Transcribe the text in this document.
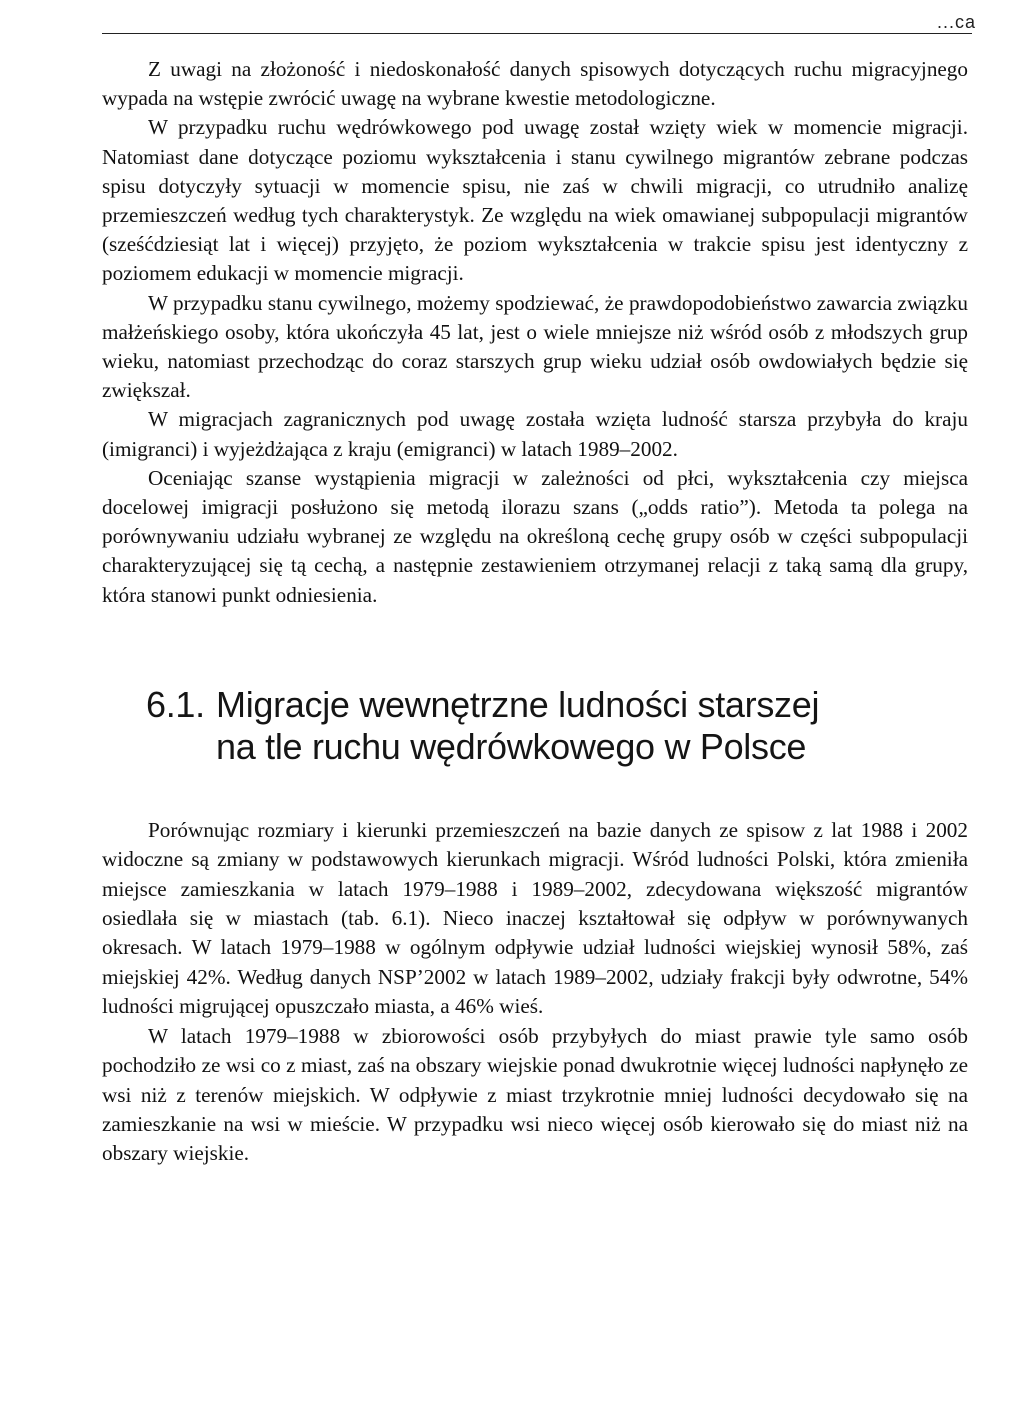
...ca

Z uwagi na złożoność i niedoskonałość danych spisowych dotyczących ruchu migracyjnego wypada na wstępie zwrócić uwagę na wybrane kwestie metodologiczne.

W przypadku ruchu wędrówkowego pod uwagę został wzięty wiek w momencie migracji. Natomiast dane dotyczące poziomu wykształcenia i stanu cywilnego migrantów zebrane podczas spisu dotyczyły sytuacji w momencie spisu, nie zaś w chwili migracji, co utrudniło analizę przemieszczeń według tych charakterystyk. Ze względu na wiek omawianej subpopulacji migrantów (sześćdziesiąt lat i więcej) przyjęto, że poziom wykształcenia w trakcie spisu jest identyczny z poziomem edukacji w momencie migracji.

W przypadku stanu cywilnego, możemy spodziewać, że prawdopodobieństwo zawarcia związku małżeńskiego osoby, która ukończyła 45 lat, jest o wiele mniejsze niż wśród osób z młodszych grup wieku, natomiast przechodząc do coraz starszych grup wieku udział osób owdowiałych będzie się zwiększał.

W migracjach zagranicznych pod uwagę została wzięta ludność starsza przybyła do kraju (imigranci) i wyjeżdżająca z kraju (emigranci) w latach 1989–2002.

Oceniając szanse wystąpienia migracji w zależności od płci, wykształcenia czy miejsca docelowej imigracji posłużono się metodą ilorazu szans („odds ratio”). Metoda ta polega na porównywaniu udziału wybranej ze względu na określoną cechę grupy osób w części subpopulacji charakteryzującej się tą cechą, a następnie zestawieniem otrzymanej relacji z taką samą dla grupy, która stanowi punkt odniesienia.

6.1. Migracje wewnętrzne ludności starszej
na tle ruchu wędrówkowego w Polsce

Porównując rozmiary i kierunki przemieszczeń na bazie danych ze spisow z lat 1988 i 2002 widoczne są zmiany w podstawowych kierunkach migracji. Wśród ludności Polski, która zmieniła miejsce zamieszkania w latach 1979–1988 i 1989–2002, zdecydowana większość migrantów osiedlała się w miastach (tab. 6.1). Nieco inaczej kształtował się odpływ w porównywanych okresach. W latach 1979–1988 w ogólnym odpływie udział ludności wiejskiej wynosił 58%, zaś miejskiej 42%. Według danych NSP’2002 w latach 1989–2002, udziały frakcji były odwrotne, 54% ludności migrującej opuszczało miasta, a 46% wieś.

W latach 1979–1988 w zbiorowości osób przybyłych do miast prawie tyle samo osób pochodziło ze wsi co z miast, zaś na obszary wiejskie ponad dwukrotnie więcej ludności napłynęło ze wsi niż z terenów miejskich. W odpływie z miast trzykrotnie mniej ludności decydowało się na zamieszkanie na wsi w mieście. W przypadku wsi nieco więcej osób kierowało się do miast niż na obszary wiejskie.
